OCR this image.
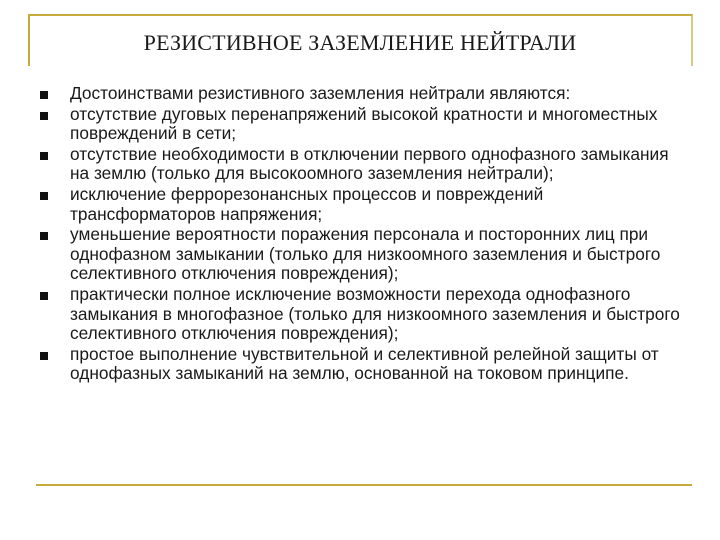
РЕЗИСТИВНОЕ ЗАЗЕМЛЕНИЕ НЕЙТРАЛИ
Достоинствами резистивного заземления нейтрали являются:
отсутствие дуговых перенапряжений высокой кратности и многоместных повреждений в сети;
отсутствие необходимости в отключении первого однофазного замыкания на землю (только для высокоомного заземления нейтрали);
исключение феррорезонансных процессов и повреждений трансформаторов напряжения;
уменьшение вероятности поражения персонала и посторонних лиц при однофазном замыкании (только для низкоомного заземления и быстрого селективного отключения повреждения);
практически полное исключение возможности перехода однофазного замыкания в многофазное (только для низкоомного заземления и быстрого селективного отключения повреждения);
простое выполнение чувствительной и селективной релейной защиты от однофазных замыканий на землю, основанной на токовом принципе.
